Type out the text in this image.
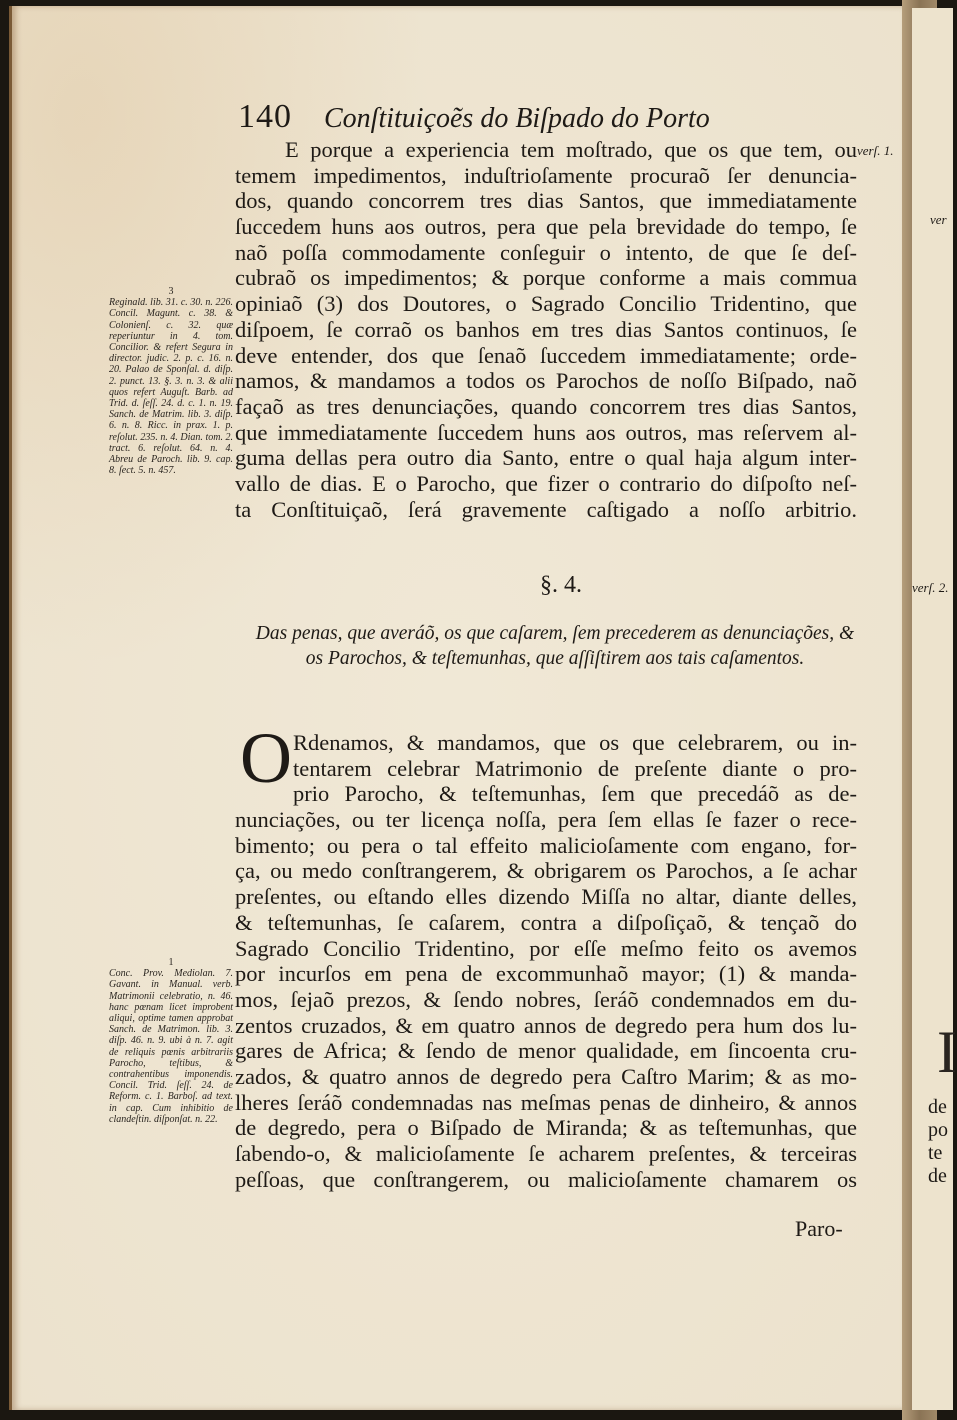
140 Conſtituiçoẽs do Biſpado do Porto
E porque a experiencia tem moſtrado, que os que tem, ou
temem impedimentos, induſtrioſamente procuraõ ſer denuncia-
dos, quando concorrem tres dias Santos, que immediatamente
ſuccedem huns aos outros, pera que pela brevidade do tempo, ſe
naõ poſſa commodamente conſeguir o intento, de que ſe deſ-
cubraõ os impedimentos; & porque conforme a mais commua
opiniaõ (3) dos Doutores, o Sagrado Concilio Tridentino, que
diſpoem, ſe corraõ os banhos em tres dias Santos continuos, ſe
deve entender, dos que ſenaõ ſuccedem immediatamente; orde-
namos, & mandamos a todos os Parochos de noſſo Biſpado, naõ
façaõ as tres denunciações, quando concorrem tres dias Santos,
que immediatamente ſuccedem huns aos outros, mas reſervem al-
guma dellas pera outro dia Santo, entre o qual haja algum inter-
vallo de dias. E o Parocho, que fizer o contrario do diſpoſto neſ-
ta Conſtituiçaõ, ſerá gravemente caſtigado a noſſo arbitrio.
§. 4.
Das penas, que averáõ, os que caſarem, ſem precederem as denunciações, & os Parochos, & teſtemunhas, que aſſiſtirem aos tais caſamentos.
O Rdenamos, & mandamos, que os que celebrarem, ou in-
tentarem celebrar Matrimonio de preſente diante o pro-
prio Parocho, & teſtemunhas, ſem que precedáõ as de-
nunciações, ou ter licença noſſa, pera ſem ellas ſe fazer o rece-
bimento; ou pera o tal effeito malicioſamente com engano, for-
ça, ou medo conſtrangerem, & obrigarem os Parochos, a ſe achar
preſentes, ou eſtando elles dizendo Miſſa no altar, diante delles,
& teſtemunhas, ſe caſarem, contra a diſpoſiçaõ, & tençaõ do
Sagrado Concilio Tridentino, por eſſe meſmo feito os avemos
por incurſos em pena de excommunhaõ mayor; (1) & manda-
mos, ſejaõ prezos, & ſendo nobres, ſeráõ condemnados em du-
zentos cruzados, & em quatro annos de degredo pera hum dos lu-
gares de Africa; & ſendo de menor qualidade, em ſincoenta cru-
zados, & quatro annos de degredo pera Caſtro Marim; & as mo-
lheres ſeráõ condemnadas nas meſmas penas de dinheiro, & annos
de degredo, pera o Biſpado de Miranda; & as teſtemunhas, que
ſabendo-o, & malicioſamente ſe acharem preſentes, & terceiras
peſſoas, que conſtrangerem, ou malicioſamente chamarem os
Paro-
3
Reginald. lib. 31. c. 30. n. 226. Concil. Magunt. c. 38. & Colonienſ. c. 32. quæ reperiuntur in 4. tom. Concilior. & refert Segura in director. judic. 2. p. c. 16. n. 20. Palao de Sponſal. d. diſp. 2. punct. 13. §. 3. n. 3. & alii quos refert Auguſt. Barb. ad Trid. d. ſeſſ. 24. d. c. 1. n. 19. Sanch. de Matrim. lib. 3. diſp. 6. n. 8. Ricc. in prax. 1. p. reſolut. 235. n. 4. Dian. tom. 2. tract. 6. reſolut. 64. n. 4. Abreu de Paroch. lib. 9. cap. 8. ſect. 5. n. 457.
1
Conc. Prov. Mediolan. 7. Gavant. in Manual. verb. Matrimonii celebratio, n. 46. hanc pœnam licet improbent aliqui, optime tamen approbat Sanch. de Matrimon. lib. 3. diſp. 46. n. 9. ubi à n. 7. agit de reliquis pœnis arbitrariis Parocho, teſtibus, & contrahentibus imponendis. Concil. Trid. ſeſſ. 24. de Reform. c. 1. Barboſ. ad text. in cap. Cum inhibitio de clandeſtin. diſponſat. n. 22.
verſ. 1.
verſ. 2.
ver
I
de
po
te
de
